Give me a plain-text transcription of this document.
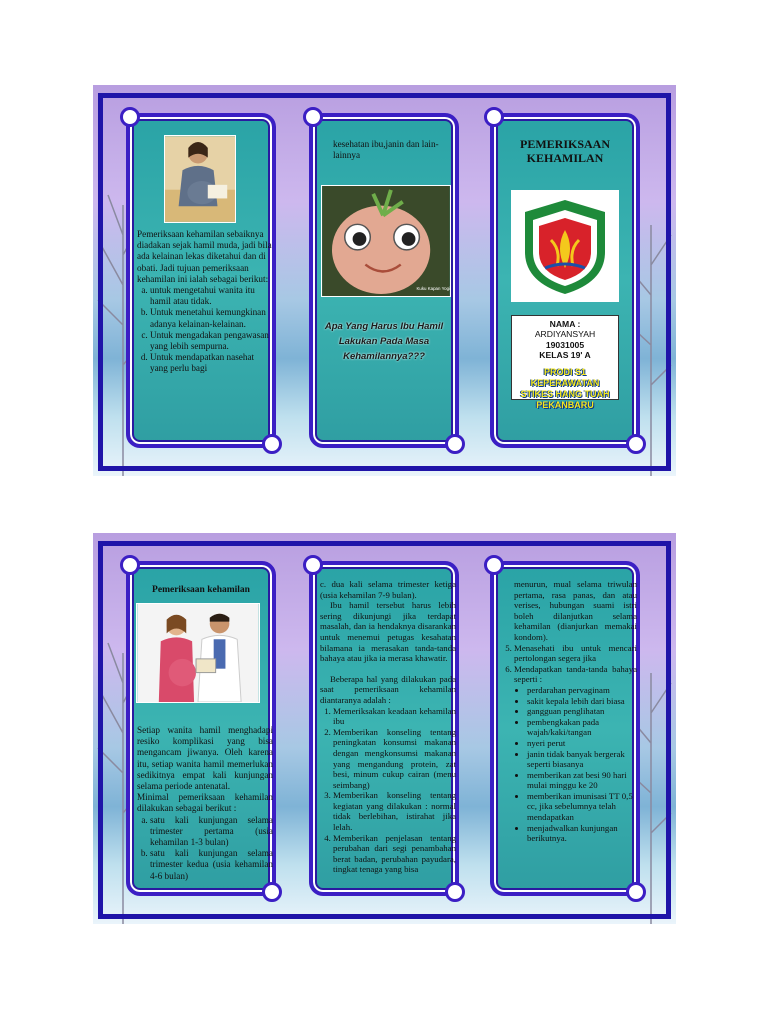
Pemeriksaan kehamilan sebaiknya diadakan sejak hamil muda, jadi bila ada kelainan lekas diketahui dan di obati. Jadi tujuan pemeriksaan kehamilan ini ialah sebagai berikut:

a. untuk mengetahui wanita itu hamil atau tidak.
b. Untuk menetahui kemungkinan adanya kelainan-kelainan.
c. Untuk mengadakan pengawasan yang lebih sempurna.
d. Untuk mendapatkan nasehat yang perlu bagi
kesehatan ibu,janin dan lain-lainnya
Kuku Kapan Yogi
Apa Yang Harus Ibu Hamil Lakukan Pada Masa Kehamilannya???
PEMERIKSAAN KEHAMILAN
NAMA :
ARDIYANSYAH
19031005
KELAS 19' A
PRODI S1 KEPERAWATAN
STIKES HANG TUAH PEKANBARU
Pemeriksaan kehamilan

Setiap wanita hamil menghadapi resiko komplikasi yang bisa mengancam jiwanya. Oleh karena itu, setiap wanita hamil memerlukan sedikitnya empat kali kunjungan selama periode antenatal.

Minimal pemeriksaan kehamilan dilakukan sebagai berikut :

a. satu kali kunjungan selama trimester pertama (usia kehamilan 1-3 bulan)
b. satu kali kunjungan selama trimester kedua (usia kehamilan 4-6 bulan)

c. dua kali selama trimester ketiga (usia kehamilan 7-9 bulan).

Ibu hamil tersebut harus lebih sering dikunjungi jika terdapat masalah, dan ia hendaknya disarankan untuk menemui petugas kesahatan bilamana ia merasakan tanda-tanda bahaya atau jika ia merasa khawatir.

Beberapa hal yang dilakukan pada saat pemeriksaan kehamilan diantaranya adalah :

1. Memeriksakan keadaan kehamilan ibu
2. Memberikan konseling tentang peningkatan konsumsi makanan dengan mengkonsumsi makanan yang mengandung protein, zat besi, minum cukup cairan (menu seimbang)
3. Memberikan konseling tentang kegiatan yang dilakukan : normal tidak berlebihan, istirahat jika lelah.
4. Memberikan penjelasan tentang perubahan dari segi penambahan berat badan, perubahan payudara, tingkat tenaga yang bisa

menurun, mual selama triwulan pertama, rasa panas, dan atau verises, hubungan suami istri boleh dilanjutkan selama kehamilan (dianjurkan memakai kondom).

5. Menasehati ibu untuk mencari pertolongan segera jika
6. Mendapatkan tanda-tanda bahaya seperti :
• perdarahan pervaginam
• sakit kepala lebih dari biasa
• gangguan penglihatan
• pembengkakan pada wajah/kaki/tangan
• nyeri perut
• janin tidak banyak bergerak seperti biasanya
• memberikan zat besi 90 hari mulai minggu ke 20
• memberikan imunisasi TT 0,5 cc, jika sebelumnya telah mendapatkan
• menjadwalkan kunjungan berikutnya.
